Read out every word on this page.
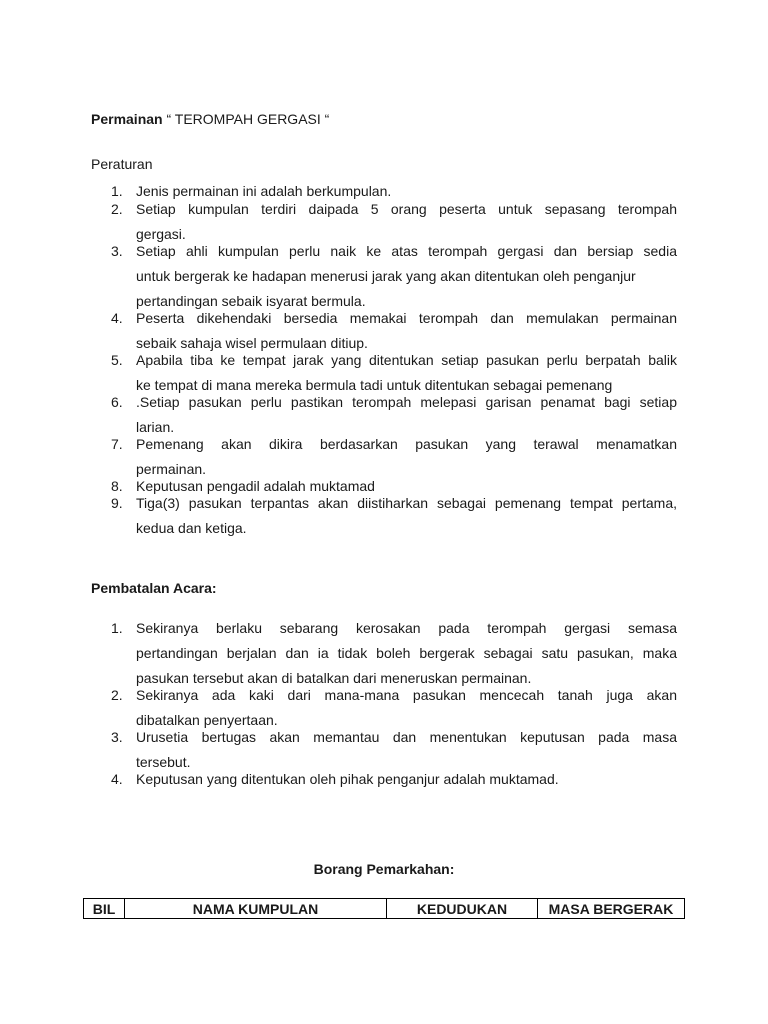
Permainan “ TEROMPAH GERGASI “
Peraturan
1. Jenis permainan ini adalah berkumpulan.
2. Setiap kumpulan terdiri daipada 5 orang peserta untuk sepasang terompah
gergasi.
3. Setiap ahli kumpulan perlu naik ke atas terompah gergasi dan bersiap sedia
untuk bergerak ke hadapan menerusi jarak yang akan ditentukan oleh penganjur
pertandingan sebaik isyarat bermula.
4. Peserta dikehendaki bersedia memakai terompah dan memulakan permainan
sebaik sahaja wisel permulaan ditiup.
5. Apabila tiba ke tempat jarak yang ditentukan setiap pasukan perlu berpatah balik
ke tempat di mana mereka bermula tadi untuk ditentukan sebagai pemenang
6. .Setiap pasukan perlu pastikan terompah melepasi garisan penamat bagi setiap
larian.
7. Pemenang akan dikira berdasarkan pasukan yang terawal menamatkan
permainan.
8. Keputusan pengadil adalah muktamad
9. Tiga(3) pasukan terpantas akan diistiharkan sebagai pemenang tempat pertama,
kedua dan ketiga.
Pembatalan Acara:
1. Sekiranya berlaku sebarang kerosakan pada terompah gergasi semasa
pertandingan berjalan dan ia tidak boleh bergerak sebagai satu pasukan, maka
pasukan tersebut akan di batalkan dari meneruskan permainan.
2. Sekiranya ada kaki dari mana-mana pasukan mencecah tanah juga akan
dibatalkan penyertaan.
3. Urusetia bertugas akan memantau dan menentukan keputusan pada masa
tersebut.
4. Keputusan yang ditentukan oleh pihak penganjur adalah muktamad.
Borang Pemarkahan:
BIL	NAMA KUMPULAN	KEDUDUKAN	MASA BERGERAK
